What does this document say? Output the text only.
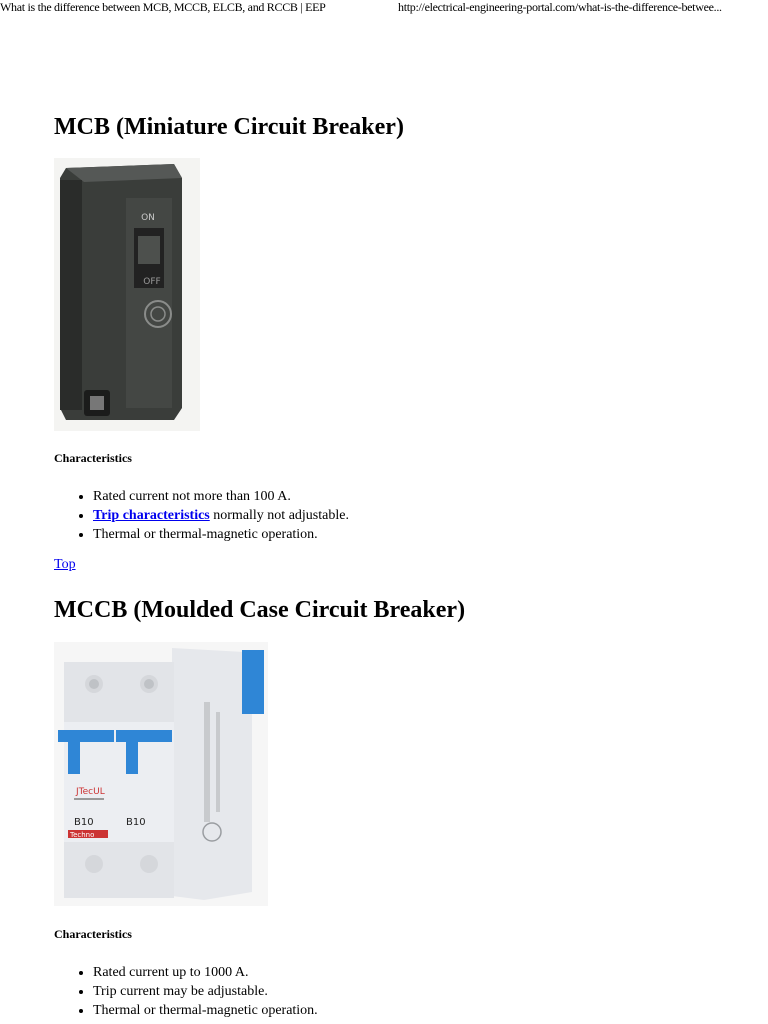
What is the difference between MCB, MCCB, ELCB, and RCCB | EEP	http://electrical-engineering-portal.com/what-is-the-difference-betwee...
MCB (Miniature Circuit Breaker)
ON
OFF
Characteristics
• Rated current not more than 100 A.
• Trip characteristics normally not adjustable.
• Thermal or thermal-magnetic operation.
Top
MCCB (Moulded Case Circuit Breaker)
JTecUL
B10	B10
Techno
Characteristics
• Rated current up to 1000 A.
• Trip current may be adjustable.
• Thermal or thermal-magnetic operation.
